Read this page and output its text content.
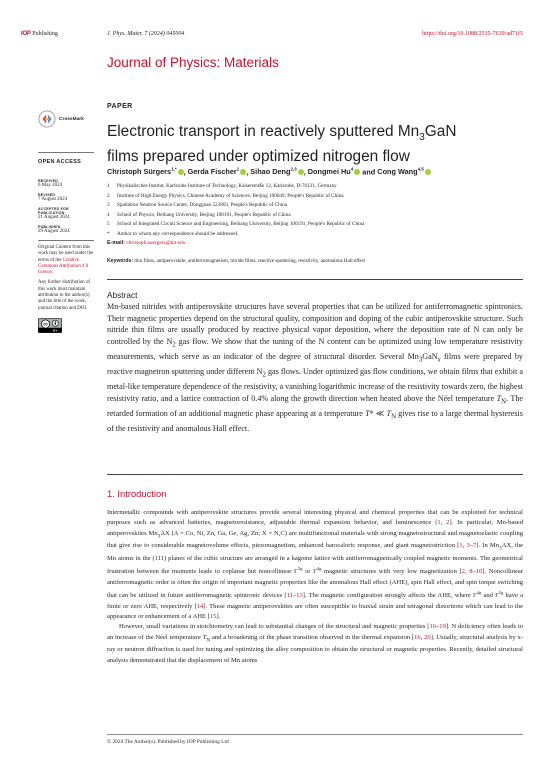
IOP Publishing	J. Phys. Mater. 7 (2024) 045004	https://doi.org/10.1088/2515-7639/ad71f5
Journal of Physics: Materials
CrossMark
OPEN ACCESS
RECEIVED
6 May 2024
REVISED
7 August 2024
ACCEPTED FOR PUBLICATION
21 August 2024
PUBLISHED
29 August 2024
Original Content from this work may be used under the terms of the Creative Commons Attribution 4.0 licence.
Any further distribution of this work must maintain attribution to the author(s) and the title of the work, journal citation and DOI.
cc
BY
PAPER
Electronic transport in reactively sputtered $Mn_3GaN$ films prepared under optimized nitrogen flow
Christoph Sürgers$^{1,*}$ , Gerda Fischer$^1$ , Sihao Deng$^{2,3}$ , Dongmei Hu$^4$ and Cong Wang$^{4,5}$
1	Physikalisches Institut, Karlsruhe Institute of Technology, Kaiserstraße 12, Karlsruhe, D-76131, Germany
2	Institute of High Energy Physics, Chinese Academy of Sciences, Beijing 100049, People's Republic of China
3	Spallation Neutron Source Center, Dongguan 523803, People's Republic of China
4	School of Physics, Beihang University, Beijing 100191, People's Republic of China
5	School of Integrated Circuit Science and Engineering, Beihang University, Beijing 100191, People's Republic of China
*	Author to whom any correspondence should be addressed.
E-mail: christoph.suergers@kit.edu
Keywords: thin films, antiperovskite, antiferromagnetism, nitride films, reactive sputtering, resistivity, anomalous Hall effect
Abstract
Mn-based nitrides with antiperovskite structures have several properties that can be utilized for antiferromagnetic spintronics. Their magnetic properties depend on the structural quality, composition and doping of the cubic antiperovskite structure. Such nitride thin films are usually produced by reactive physical vapor deposition, where the deposition rate of N can only be controlled by the $N_2$ gas flow. We show that the tuning of the N content can be optimized using low temperature resistivity measurements, which serve as an indicator of the degree of structural disorder. Several $Mn_3GaN_x$ films were prepared by reactive magnetron sputtering under different $N_2$ gas flows. Under optimized gas flow conditions, we obtain films that exhibit a metal-like temperature dependence of the resistivity, a vanishing logarithmic increase of the resistivity towards zero, the highest resistivity ratio, and a lattice contraction of 0.4% along the growth direction when heated above the Néel temperature $T_N$. The retarded formation of an additional magnetic phase appearing at a temperature T* ≪ $T_N$ gives rise to a large thermal hysteresis of the resistivity and anomalous Hall effect.
1. Introduction

Intermetallic compounds with antiperovskite structures provide several interesting physical and chemical properties that can be exploited for technical purposes such as advanced batteries, magnetoresistance, adjustable thermal expansion behavior, and luminescence [1, 2]. In particular, Mn-based antiperovskites $Mn_3AX$ (A = Co, Ni, Zn, Ga, Ge, Ag, Zn; X = N,C) are multifunctional materials with strong magnetostructural and magnetoelastic coupling that give rise to considerable magnetovolume effects, piezomagnetism, enhanced barocaloric response, and giant magnetostriction [1, 3–7]. In $Mn_3AX$, the Mn atoms in the (111) planes of the cubic structure are arranged in a kagome lattice with antiferromagnetically coupled magnetic moments. The geometrical frustration between the moments leads to coplanar but noncollinear $\Gamma^{5g}$ or $\Gamma^{4g}$ magnetic structures with very low magnetization [2, 8–10]. Noncollinear antiferromagnetic order is often the origin of important magnetic properties like the anomalous Hall effect (AHE), spin Hall effect, and spin torque switching that can be utilized in future antiferromagnetic spintronic devices [11–13]. The magnetic configuration strongly affects the AHE, where $\Gamma^{4g}$ and $\Gamma^{5g}$ have a finite or zero AHE, respectively [14]. These magnetic antiperovskites are often susceptible to biaxial strain and tetragonal distortions which can lead to the appearance or enhancement of a AHE [15].

However, small variations in stoichiometry can lead to substantial changes of the structural and magnetic properties [16–19]. N deficiency often leads to an increase of the Néel temperature $T_N$ and a broadening of the phase transition observed in the thermal expansion [16, 20]. Usually, structural analysis by x-ray or neutron diffraction is used for tuning and optimizing the alloy composition to obtain the structural or magnetic properties. Recently, detailed structural analysis demonstrated that the displacement of Mn atoms

© 2024 The Author(s). Published by IOP Publishing Ltd
